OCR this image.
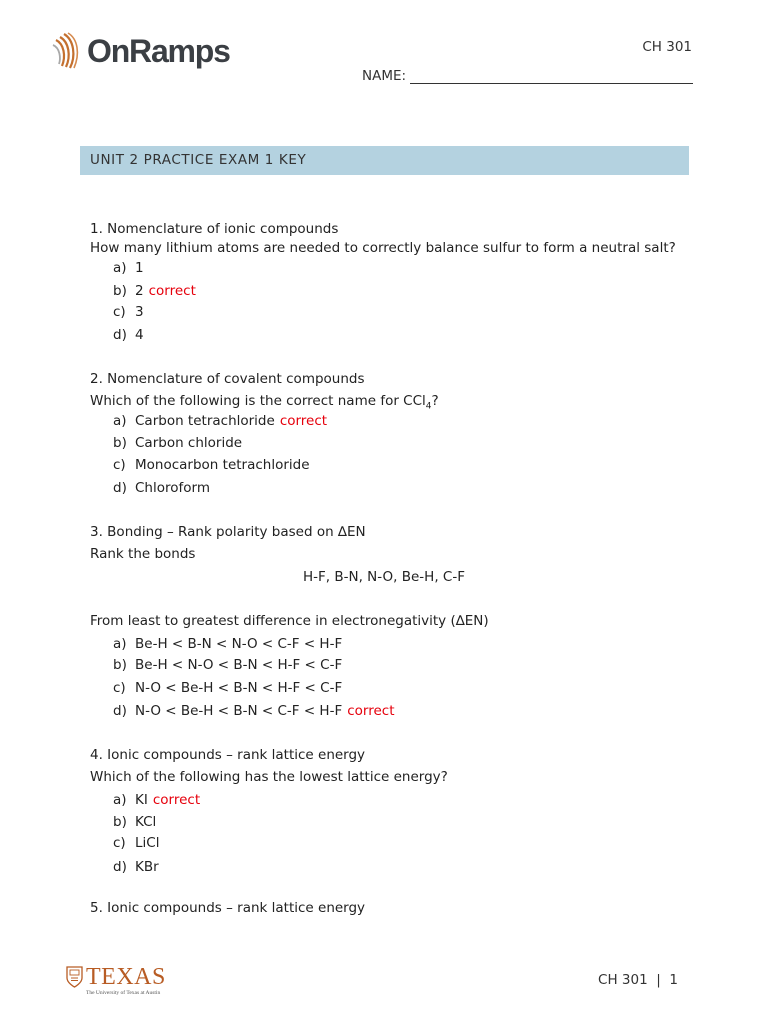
OnRamps	CH 301
NAME:
UNIT 2 PRACTICE EXAM 1 KEY
1. Nomenclature of ionic compounds
How many lithium atoms are needed to correctly balance sulfur to form a neutral salt?
a) 1
b) 2 correct
c) 3
d) 4
2. Nomenclature of covalent compounds
Which of the following is the correct name for CCl$_4$?
a) Carbon tetrachloride correct
b) Carbon chloride
c) Monocarbon tetrachloride
d) Chloroform
3. Bonding – Rank polarity based on ∆EN
Rank the bonds
H-F, B-N, N-O, Be-H, C-F
From least to greatest difference in electronegativity (∆EN)
a) Be-H < B-N < N-O < C-F < H-F
b) Be-H < N-O < B-N < H-F < C-F
c) N-O < Be-H < B-N < H-F < C-F
d) N-O < Be-H < B-N < C-F < H-F correct
4. Ionic compounds – rank lattice energy
Which of the following has the lowest lattice energy?
a) KI correct
b) KCl
c) LiCl
d) KBr
5. Ionic compounds – rank lattice energy
TEXAS
The University of Texas at Austin
CH 301  |  1
